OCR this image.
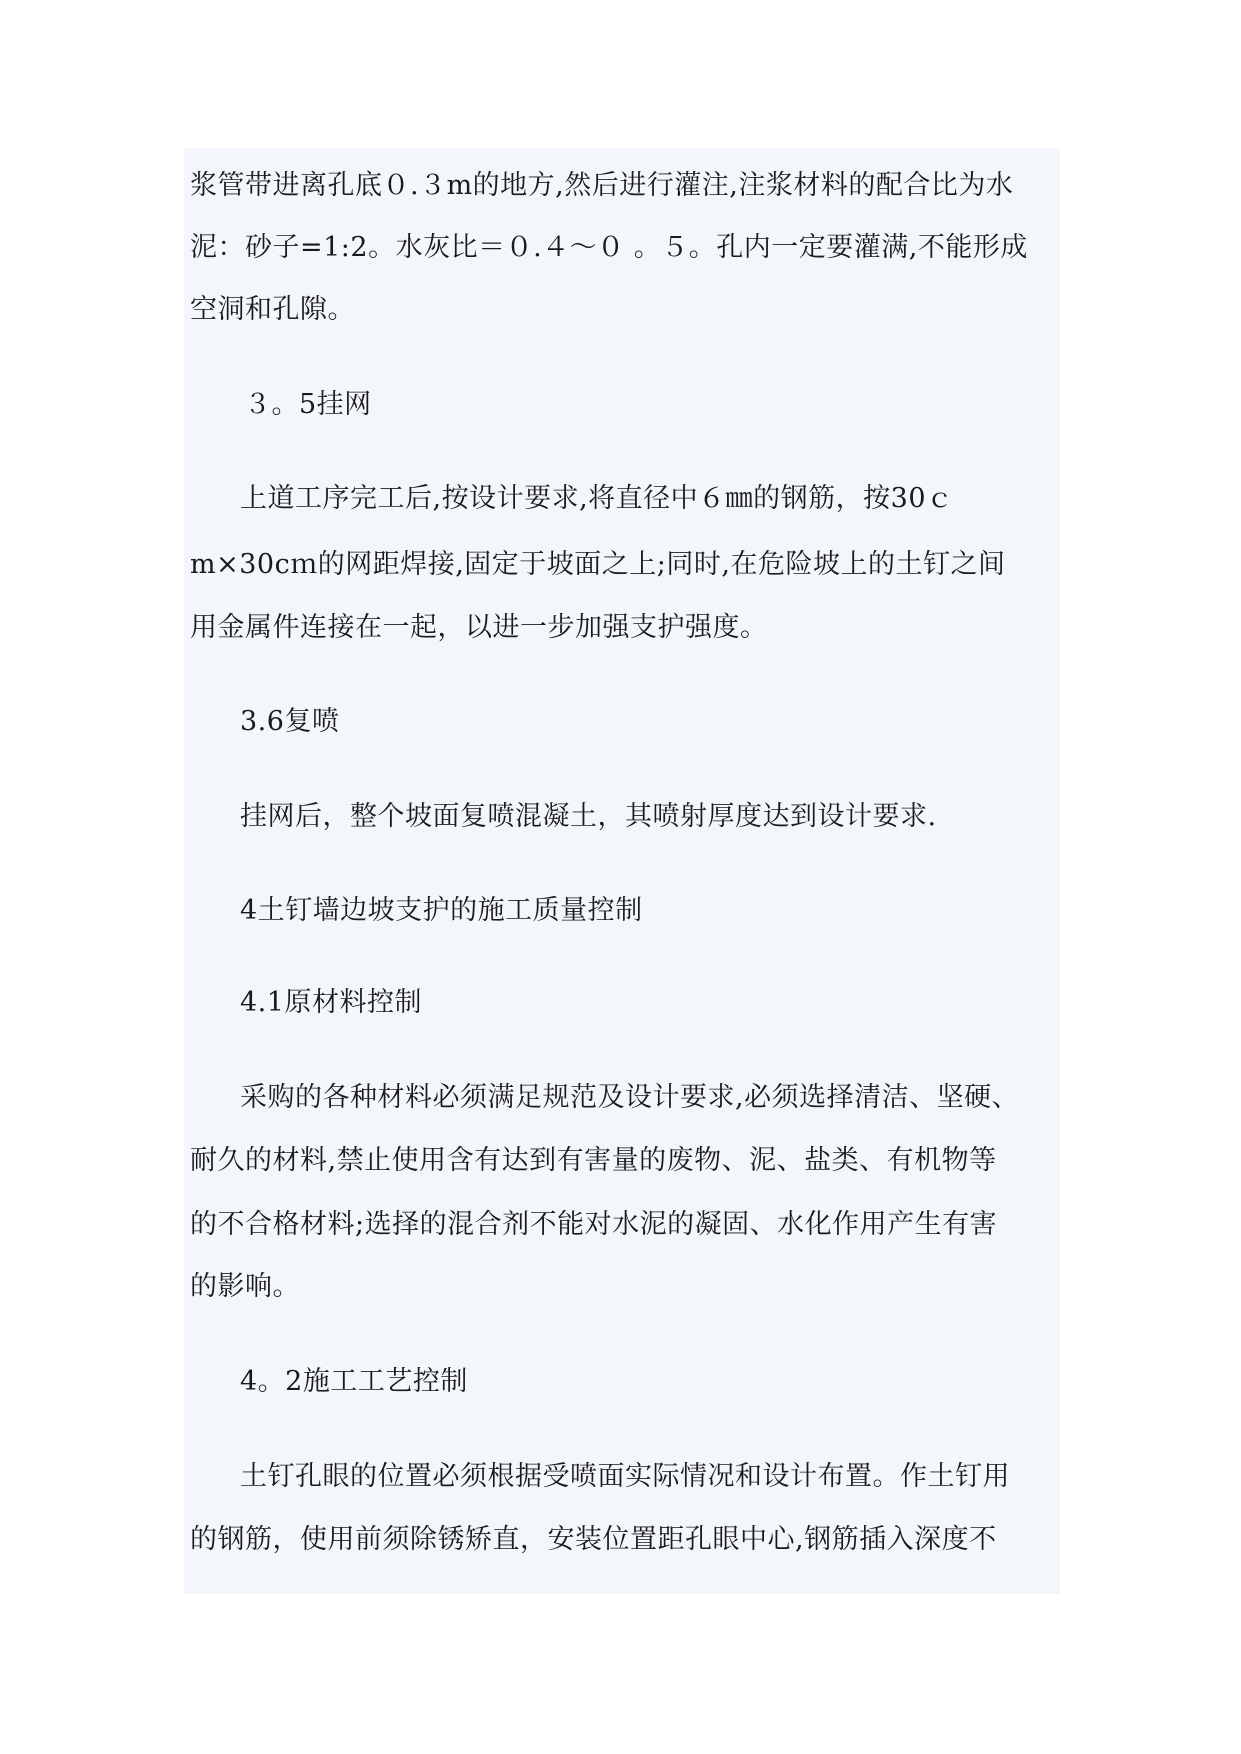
浆管带进离孔底０.３m的地方,然后进行灌注,注浆材料的配合比为水
泥：砂子=1:2。水灰比＝０.４～０ 。５。孔内一定要灌满,不能形成
空洞和孔隙。
３。5挂网
上道工序完工后,按设计要求,将直径中６㎜的钢筋，按30ｃ
m×30cｍ的网距焊接,固定于坡面之上;同时,在危险坡上的土钉之间
用金属件连接在一起，以进一步加强支护强度。
3.6复喷
挂网后，整个坡面复喷混凝土，其喷射厚度达到设计要求.
4土钉墙边坡支护的施工质量控制
4.1原材料控制
采购的各种材料必须满足规范及设计要求,必须选择清洁、坚硬、
耐久的材料,禁止使用含有达到有害量的废物、泥、盐类、有机物等
的不合格材料;选择的混合剂不能对水泥的凝固、水化作用产生有害
的影响。
4。2施工工艺控制
土钉孔眼的位置必须根据受喷面实际情况和设计布置。作土钉用
的钢筋，使用前须除锈矫直，安装位置距孔眼中心,钢筋插入深度不
